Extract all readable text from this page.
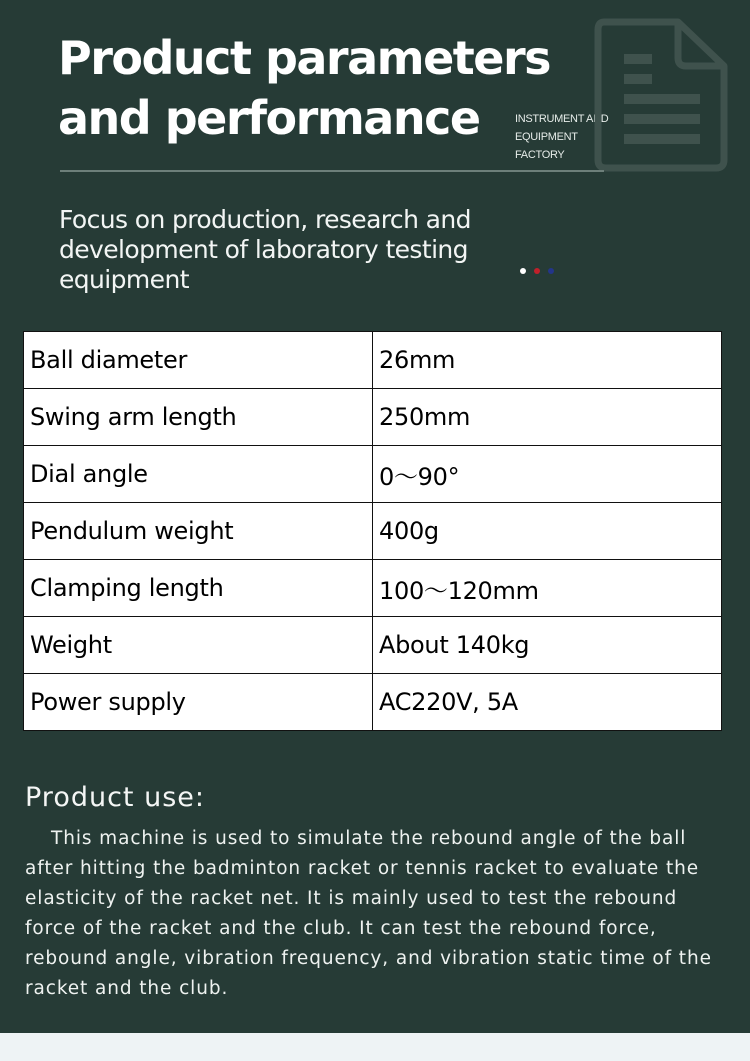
Product parameters
and performance	INSTRUMENT AND
EQUIPMENT
FACTORY
Focus on production, research and
development of laboratory testing
equipment
Ball diameter	26mm
Swing arm length	250mm
Dial angle	0～90°
Pendulum weight	400g
Clamping length	100～120mm
Weight	About 140kg
Power supply	AC220V, 5A
Product use:

This machine is used to simulate the rebound angle of the ball after hitting the badminton racket or tennis racket to evaluate the elasticity of the racket net. It is mainly used to test the rebound force of the racket and the club. It can test the rebound force, rebound angle, vibration frequency, and vibration static time of the racket and the club.
